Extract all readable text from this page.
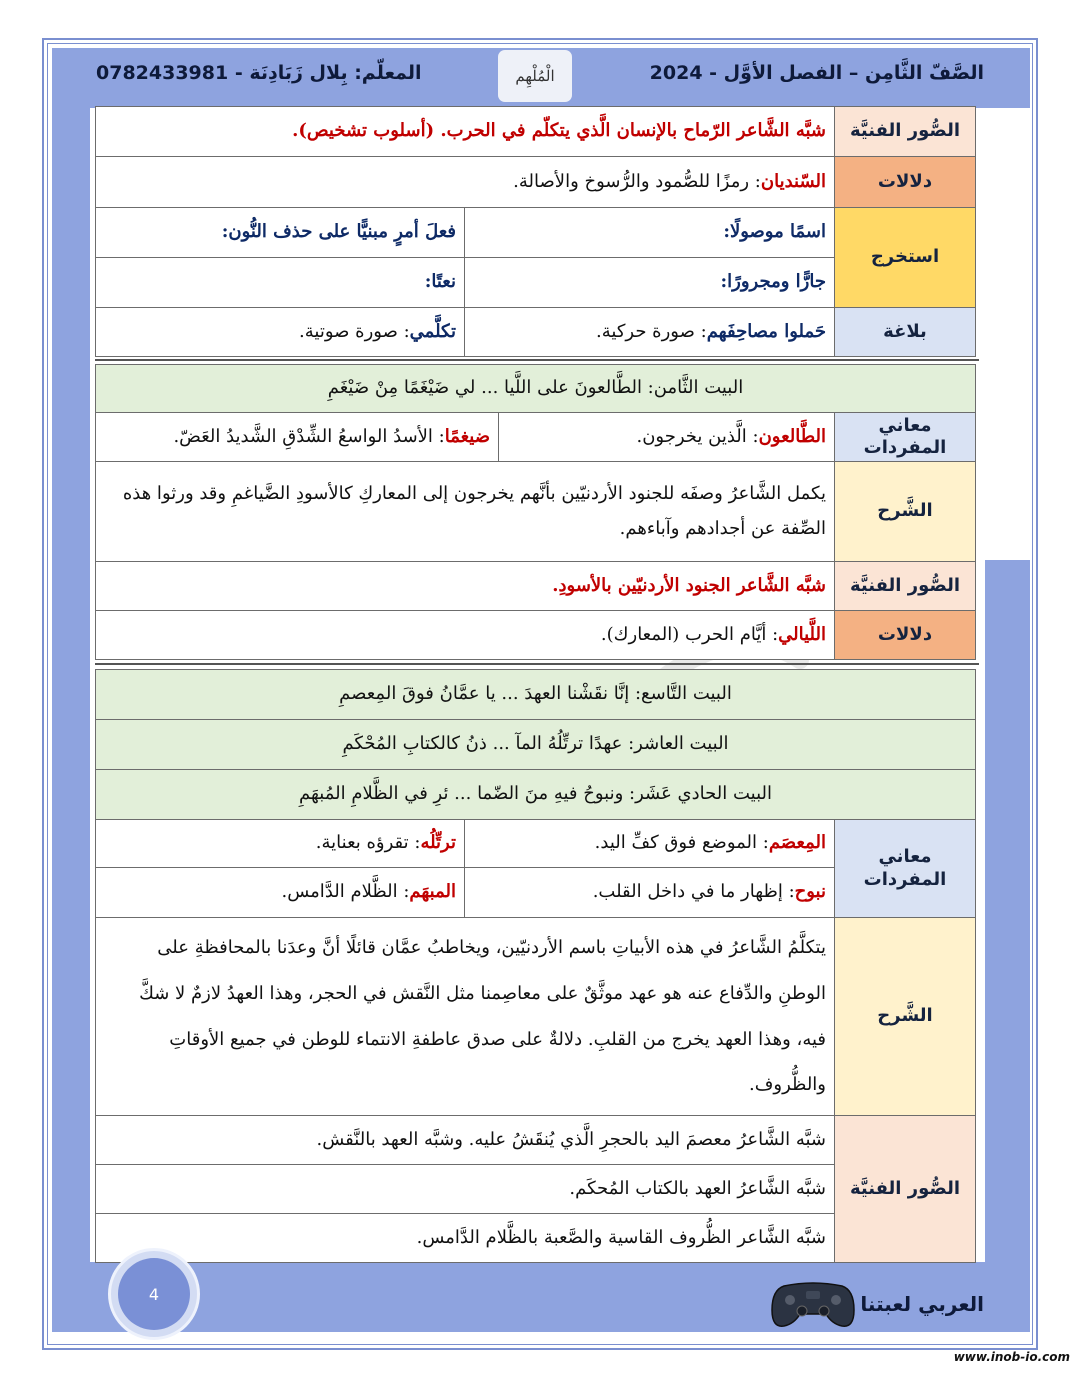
الصَّفّ الثَّامِن – الفصل الأوَّل - 2024
الْمُلْهِم
المعلّم: بِلال زَبَادِنَة - 0782433981
الصُّور الفنيَّة	شبَّه الشَّاعر الرّماح بالإنسان الَّذي يتكلّم في الحرب. (أسلوب تشخيص).	
دلالات	السّنديان: رمزًا للصُّمود والرُّسوخ والأصالة.	
استخرج	اسمًا موصولًا:	فعلَ أمرٍ مبنيًّا على حذف النُّون:
	جارًّا ومجرورًا:	نعتًا:
بلاغة	حَملوا مصاحِفَهم: صورة حركية.	تكلَّمي: صورة صوتية.
البيت الثَّامن: الطَّالعونَ على اللَّيا ... لي ضَيْغَمًا مِنْ ضَيْغَمِ		
معاني المفردات	الطَّالعون: الَّذين يخرجون.	ضيغمًا: الأسدُ الواسعُ الشِّدْقِ الشَّديدُ العَضّ.
الشَّرح	يكمل الشَّاعرُ وصفَه للجنود الأردنيّين بأنَّهم يخرجون إلى المعاركِ كالأسودِ الضَّياغمِ وقد ورثوا هذه الصِّفة عن أجدادهم وآباءهم.	
الصُّور الفنيَّة	شبَّه الشَّاعر الجنود الأردنيّين بالأسودِ.	
دلالات	اللَّيالي: أيَّام الحرب (المعارك).	
البيت التَّاسع: إنَّا نقَشْنا العهدَ ... يا عمَّانُ فوقَ المِعصمِ		
البيت العاشر: عهدًا ترتِّلُهُ المآ ... ذنُ كالكتابِ المُحْكَمِ		
البيت الحادي عَشَر: ونبوحُ فيهِ منَ الضّما ... ئرِ في الظَّلامِ المُبهَمِ		
معاني المفردات	المِعصَم: الموضع فوق كفِّ اليد.	ترتِّلُه: تقرؤه بعناية.
	نبوح: إظهار ما في داخل القلب.	المبهَم: الظَّلام الدَّامس.
الشَّرح	يتكلَّمُ الشَّاعرُ في هذه الأبياتِ باسم الأردنيّين، ويخاطبُ عمَّان قائلًا أنَّ وعدَنا بالمحافظةِ على الوطنِ والدِّفاع عنه هو عهد موثَّقٌ على معاصِمنا مثل النَّقش في الحجر، وهذا العهدُ لازمٌ لا شكَّ فيه، وهذا العهد يخرج من القلبِ. دلالةٌ على صدق عاطفةِ الانتماء للوطن في جميع الأوقاتِ والظُّروف.	
الصُّور الفنيَّة	شبَّه الشَّاعرُ معصمَ اليد بالحجرِ الَّذي يُنقَشُ عليه. وشبَّه العهد بالنَّقش.	
	شبَّه الشَّاعرُ العهد بالكتاب المُحكَم.	
	شبَّه الشَّاعر الظُّروف القاسية والصَّعبة بالظَّلام الدَّامس.	
4	العربي لعبتنا
www.inob-io.com
